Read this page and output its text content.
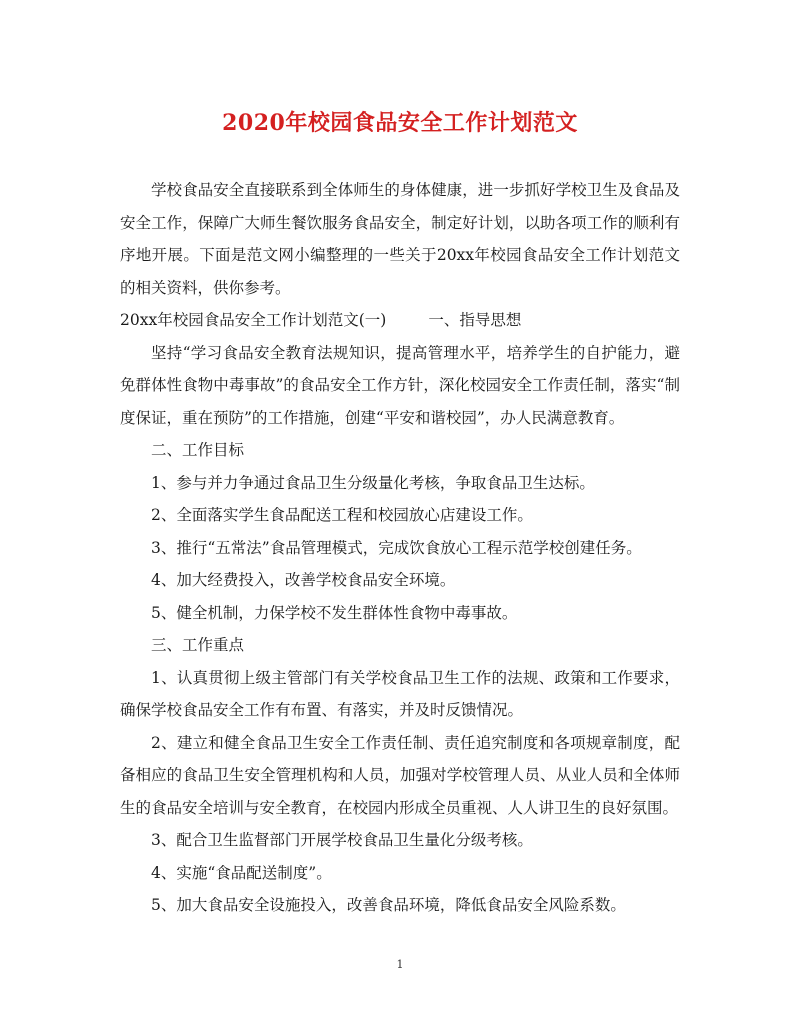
2020年校园食品安全工作计划范文

学校食品安全直接联系到全体师生的身体健康，进一步抓好学校卫生及食品及安全工作，保障广大师生餐饮服务食品安全，制定好计划，以助各项工作的顺利有序地开展。下面是范文网小编整理的一些关于20xx年校园食品安全工作计划范文的相关资料，供你参考。

20xx年校园食品安全工作计划范文(一)	一、指导思想

坚持“学习食品安全教育法规知识，提高管理水平，培养学生的自护能力，避免群体性食物中毒事故”的食品安全工作方针，深化校园安全工作责任制，落实“制度保证，重在预防”的工作措施，创建“平安和谐校园”，办人民满意教育。

二、工作目标

1、参与并力争通过食品卫生分级量化考核，争取食品卫生达标。

2、全面落实学生食品配送工程和校园放心店建设工作。

3、推行“五常法”食品管理模式，完成饮食放心工程示范学校创建任务。

4、加大经费投入，改善学校食品安全环境。

5、健全机制，力保学校不发生群体性食物中毒事故。

三、工作重点

1、认真贯彻上级主管部门有关学校食品卫生工作的法规、政策和工作要求，确保学校食品安全工作有布置、有落实，并及时反馈情况。

2、建立和健全食品卫生安全工作责任制、责任追究制度和各项规章制度，配备相应的食品卫生安全管理机构和人员，加强对学校管理人员、从业人员和全体师生的食品安全培训与安全教育，在校园内形成全员重视、人人讲卫生的良好氛围。

3、配合卫生监督部门开展学校食品卫生量化分级考核。

4、实施“食品配送制度”。

5、加大食品安全设施投入，改善食品环境，降低食品安全风险系数。

1
